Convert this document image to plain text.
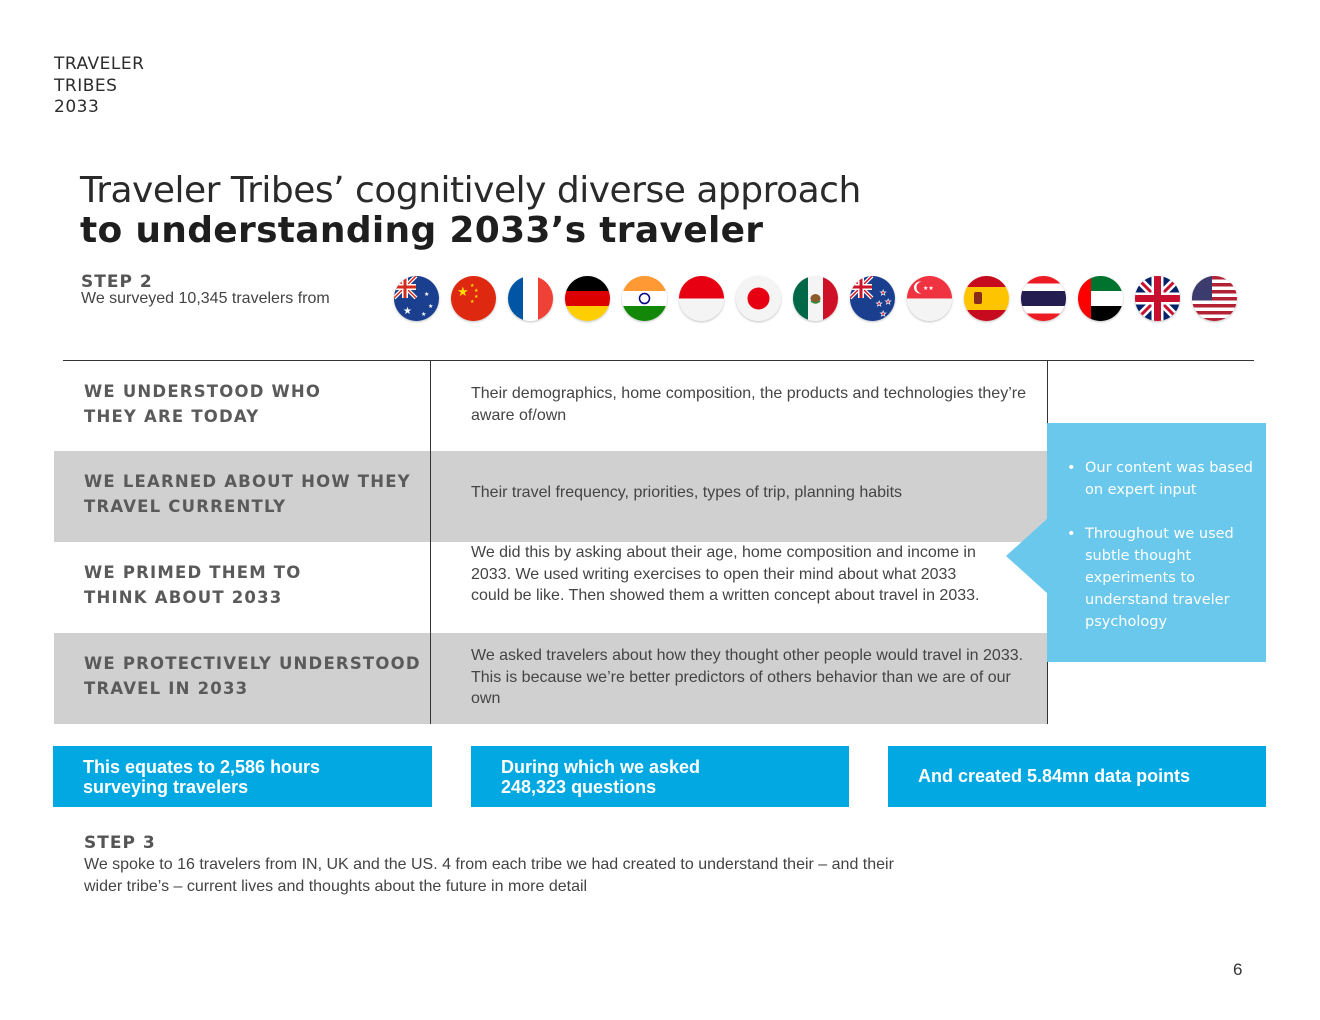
TRAVELER
TRIBES
2033
Traveler Tribes’ cognitively diverse approach
to understanding 2033’s traveler
STEP 2
We surveyed 10,345 travelers from
★
★
★
★
★ ★
★
★
★
★
★
★
★
★★
WE UNDERSTOOD WHO
THEY ARE TODAY
Their demographics, home composition, the products and technologies they’re aware of/own
WE LEARNED ABOUT HOW THEY
TRAVEL CURRENTLY
Their travel frequency, priorities, types of trip, planning habits
WE PRIMED THEM TO
THINK ABOUT 2033
We did this by asking about their age, home composition and income in 2033. We used writing exercises to open their mind about what 2033 could be like. Then showed them a written concept about travel in 2033.
WE PROTECTIVELY UNDERSTOOD
TRAVEL IN 2033
We asked travelers about how they thought other people would travel in 2033. This is because we’re better predictors of others behavior than we are of our own
• Our content was based on expert input
• Throughout we used subtle thought experiments to understand traveler psychology
This equates to 2,586 hours
surveying travelers
During which we asked
248,323 questions
And created 5.84mn data points
STEP 3
We spoke to 16 travelers from IN, UK and the US. 4 from each tribe we had created to understand their – and their wider tribe’s – current lives and thoughts about the future in more detail
6
